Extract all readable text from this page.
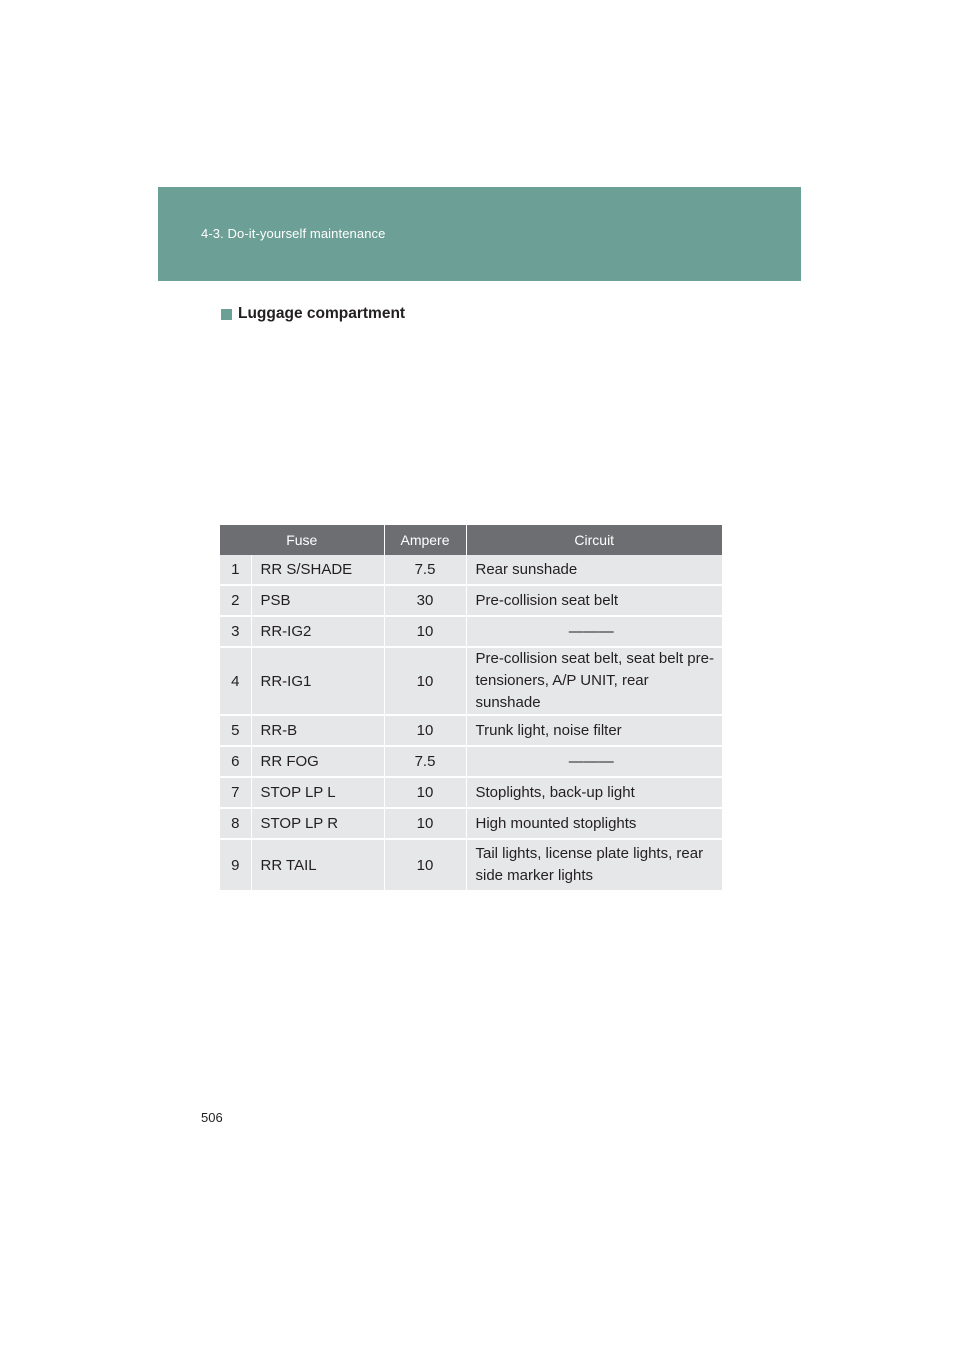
4-3. Do-it-yourself maintenance
Luggage compartment
Fuse		Ampere	Circuit
1	RR S/SHADE	7.5	Rear sunshade
2	PSB	30	Pre-collision seat belt
3	RR-IG2	10	———
4	RR-IG1	10	Pre-collision seat belt, seat belt pre-tensioners, A/P UNIT, rear sunshade
5	RR-B	10	Trunk light, noise filter
6	RR FOG	7.5	———
7	STOP LP L	10	Stoplights, back-up light
8	STOP LP R	10	High mounted stoplights
9	RR TAIL	10	Tail lights, license plate lights, rear side marker lights
506
